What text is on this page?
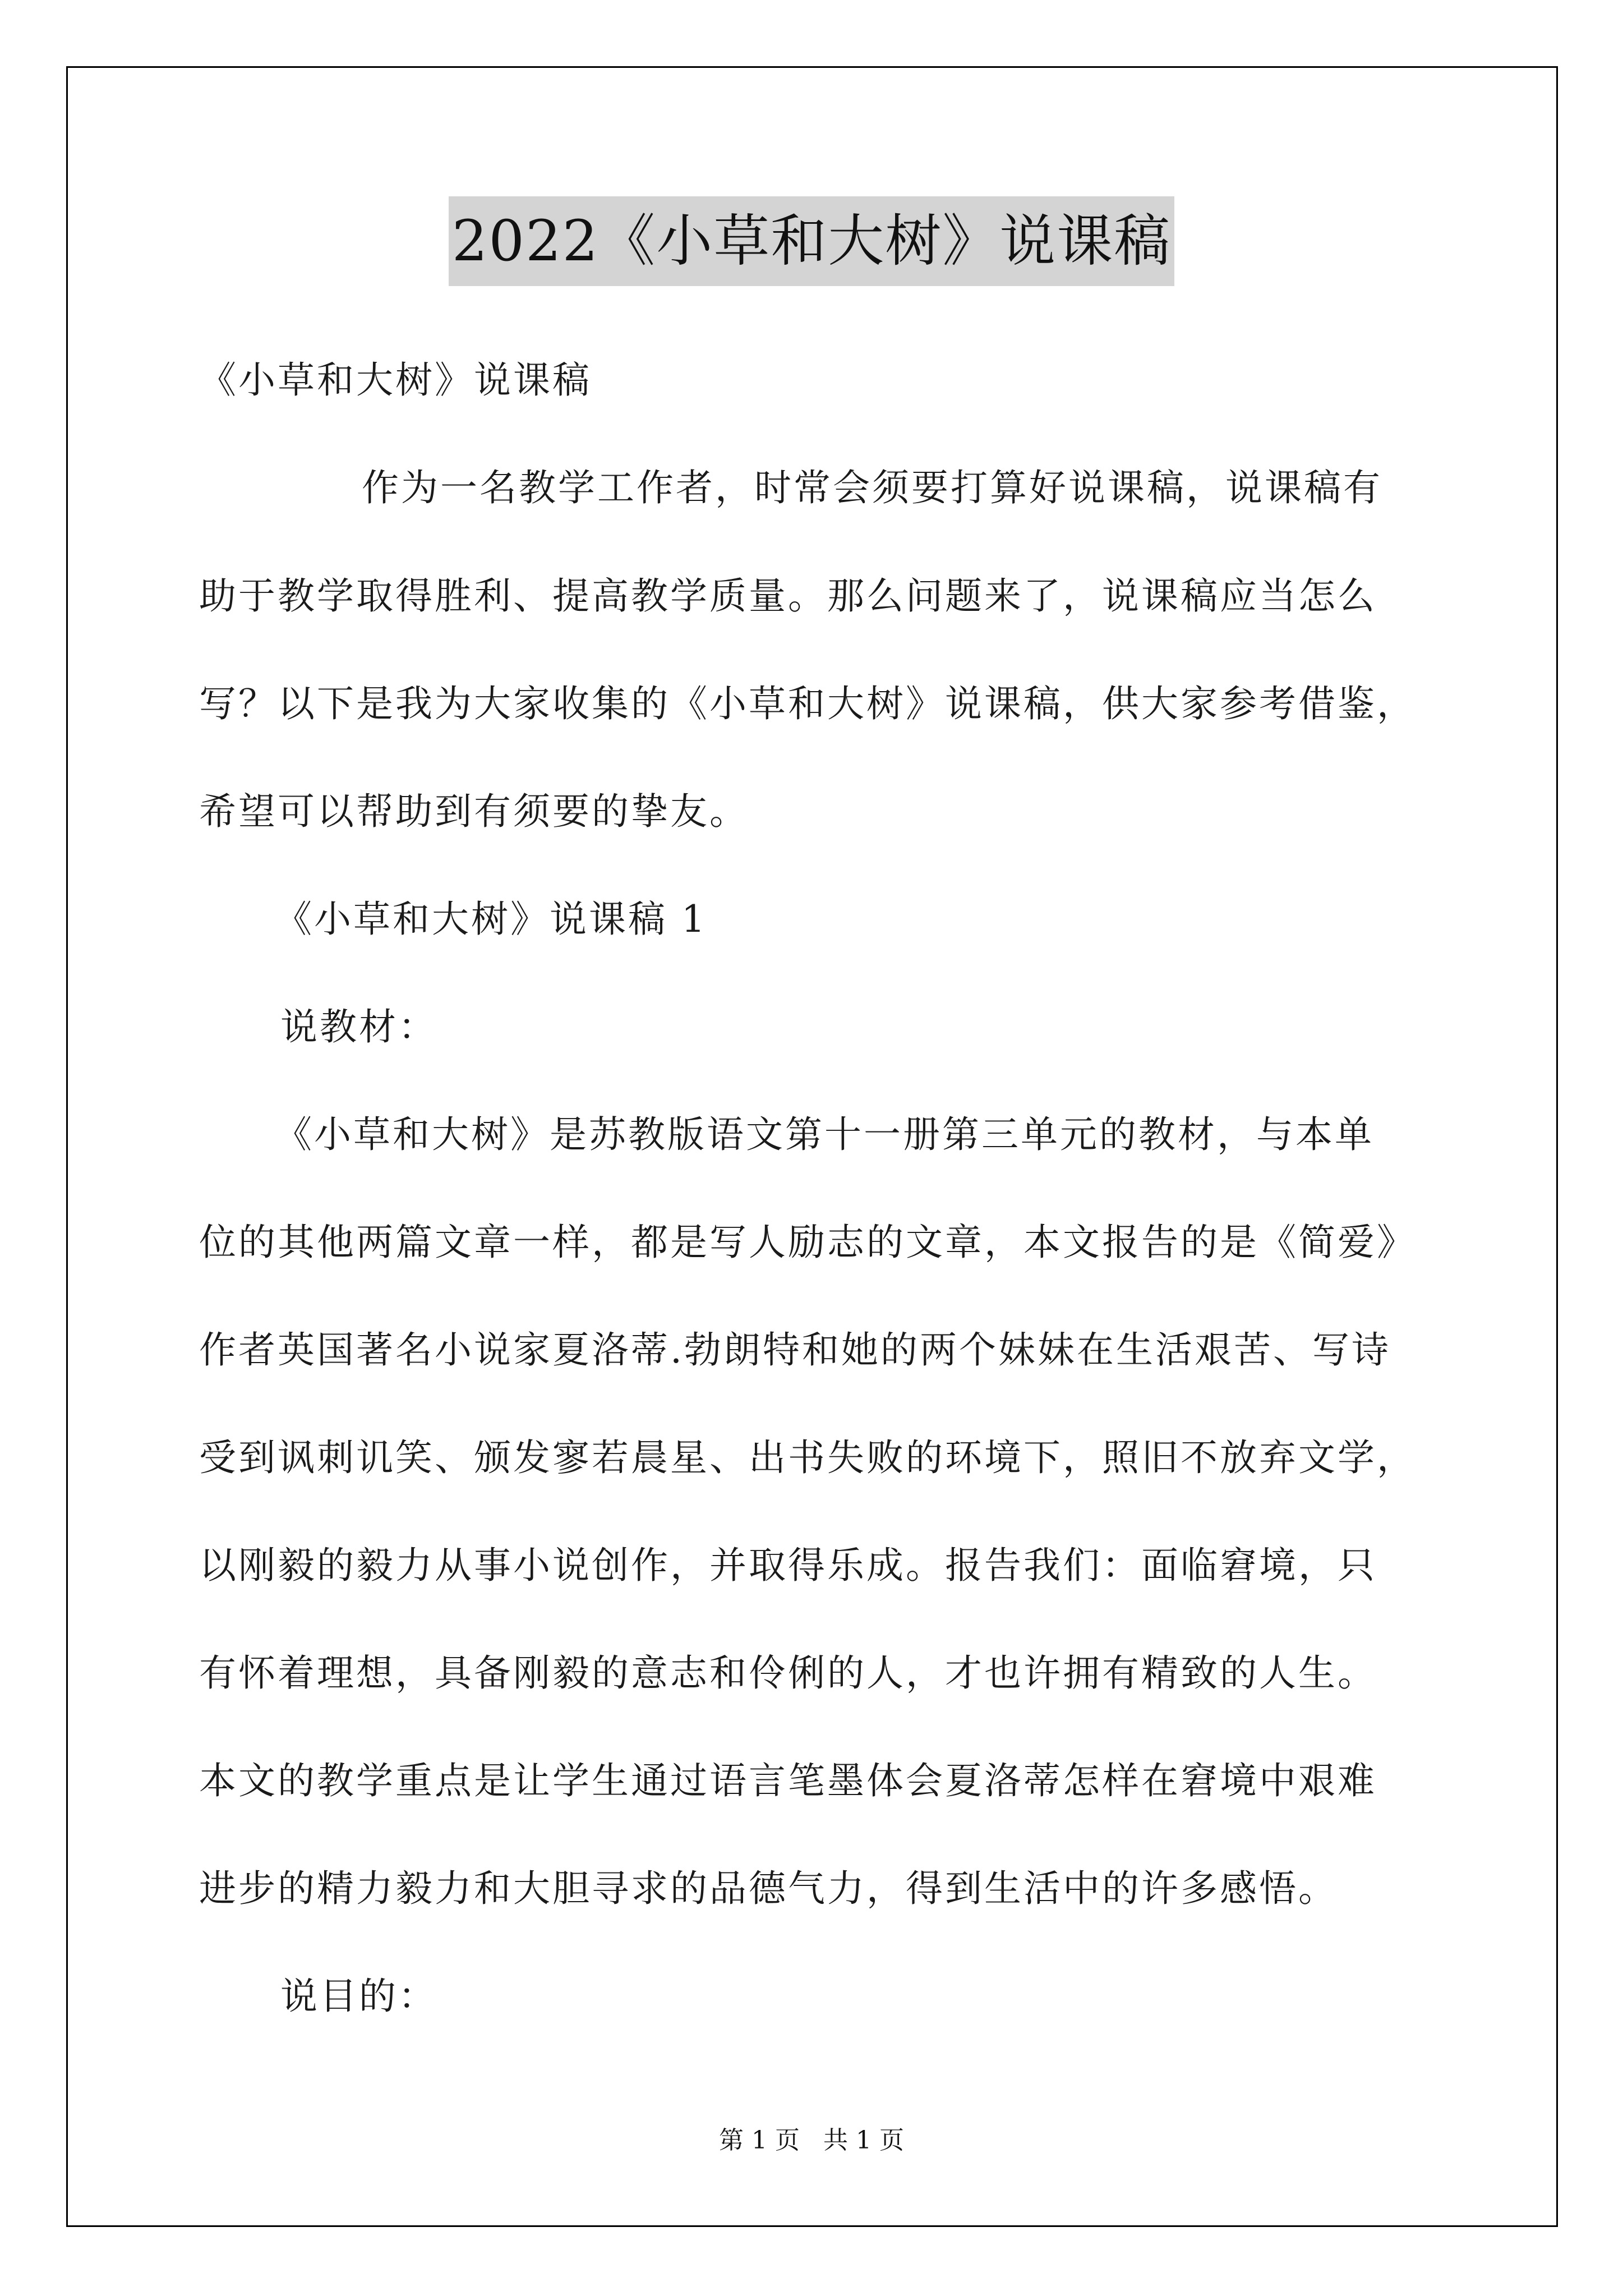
2022《小草和大树》说课稿
《小草和大树》说课稿
作为一名教学工作者，时常会须要打算好说课稿，说课稿有
助于教学取得胜利、提高教学质量。那么问题来了，说课稿应当怎么
写？以下是我为大家收集的《小草和大树》说课稿，供大家参考借鉴，
希望可以帮助到有须要的挚友。
《小草和大树》说课稿 1
说教材：
《小草和大树》是苏教版语文第十一册第三单元的教材，与本单
位的其他两篇文章一样，都是写人励志的文章，本文报告的是《简爱》
作者英国著名小说家夏洛蒂.勃朗特和她的两个妹妹在生活艰苦、写诗
受到讽刺讥笑、颁发寥若晨星、出书失败的环境下，照旧不放弃文学，
以刚毅的毅力从事小说创作，并取得乐成。报告我们：面临窘境，只
有怀着理想，具备刚毅的意志和伶俐的人，才也许拥有精致的人生。
本文的教学重点是让学生通过语言笔墨体会夏洛蒂怎样在窘境中艰难
进步的精力毅力和大胆寻求的品德气力，得到生活中的许多感悟。
说目的：
第 1 页 共 1 页
